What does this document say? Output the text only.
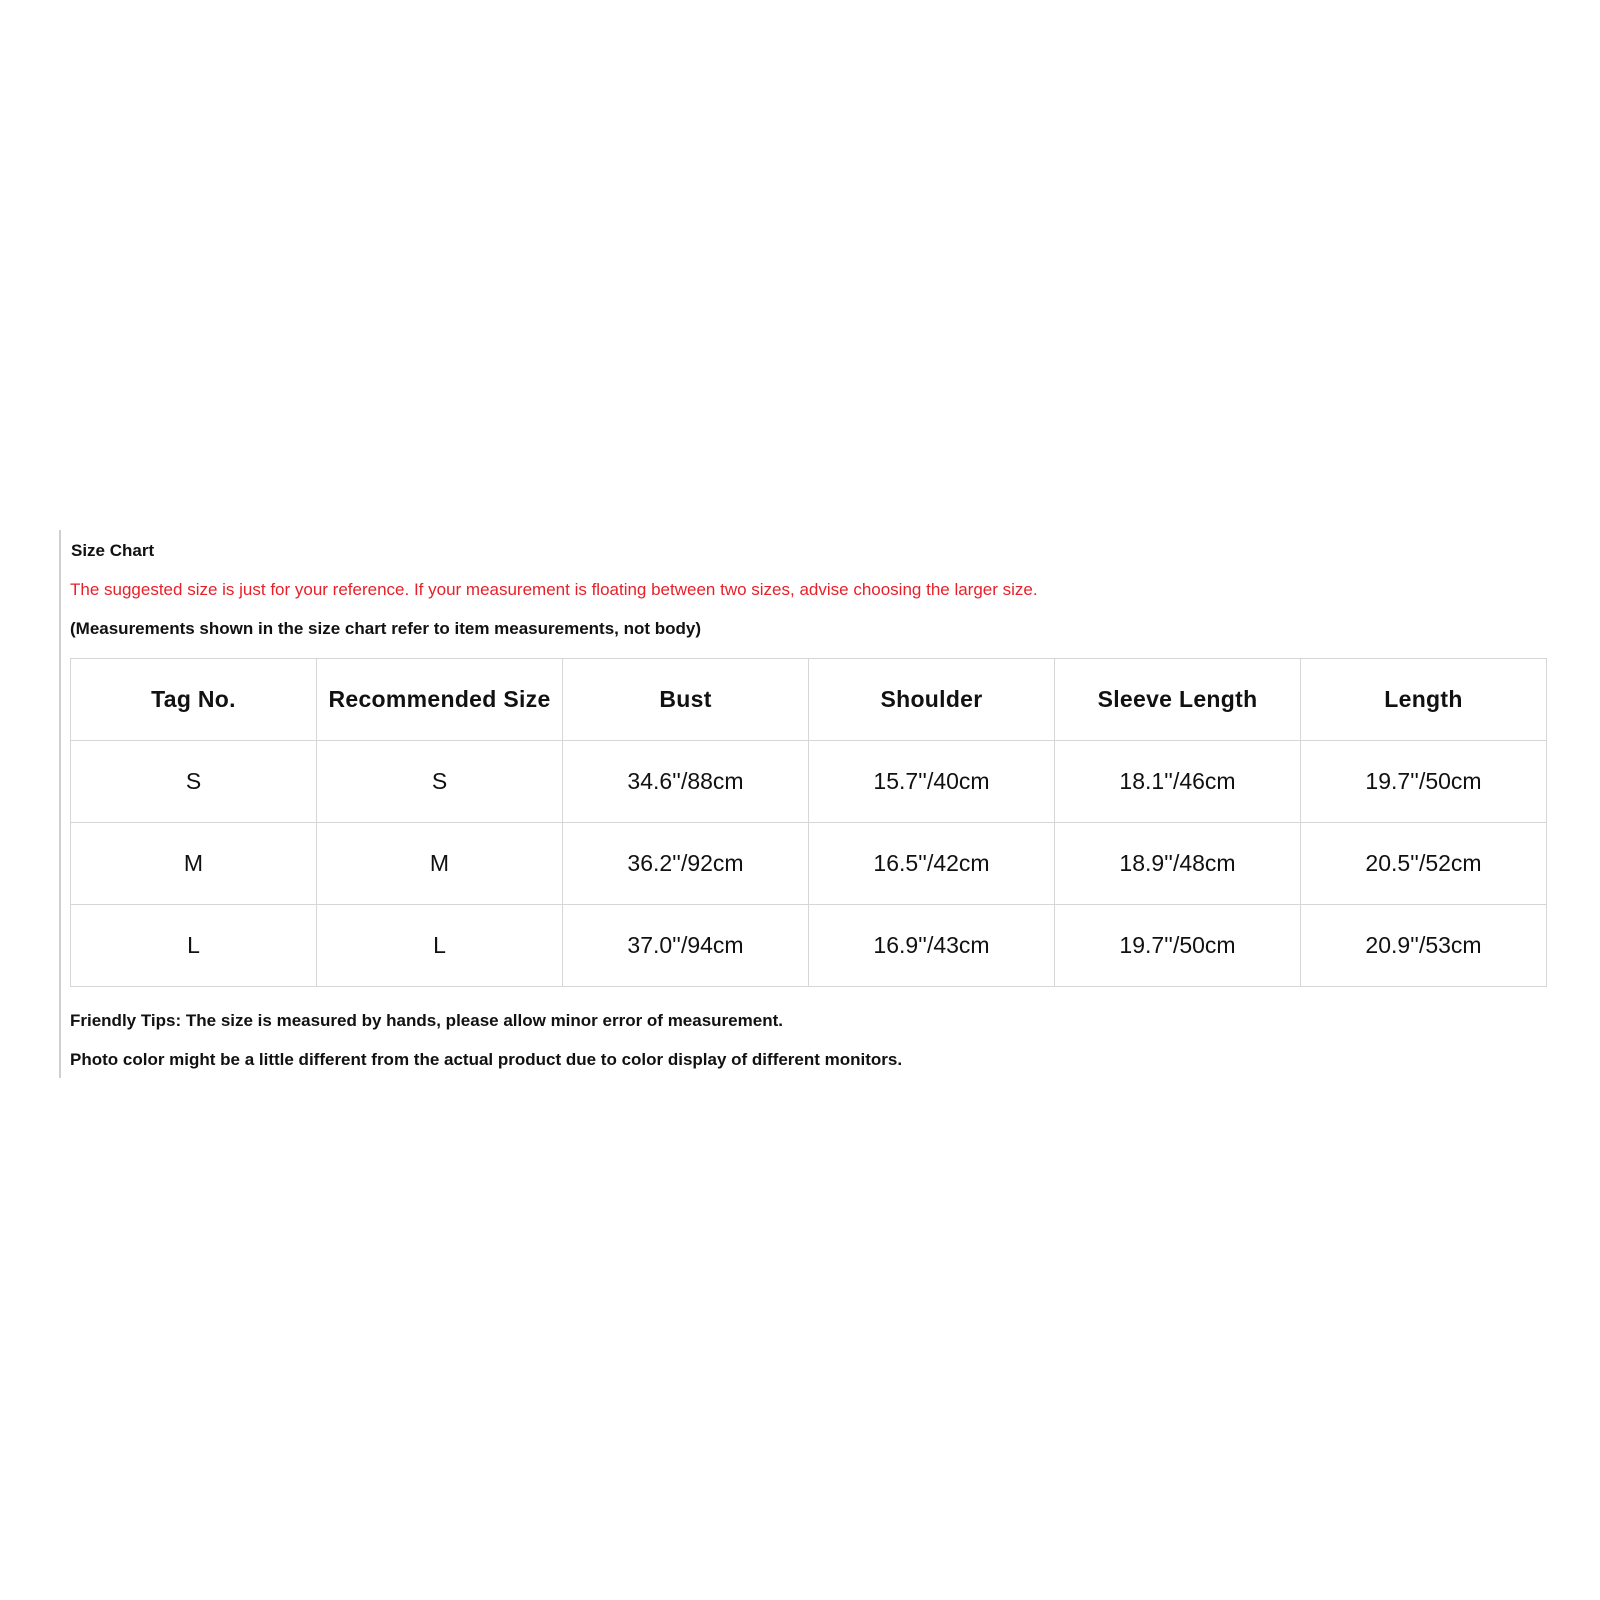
Size Chart

The suggested size is just for your reference. If your measurement is floating between two sizes, advise choosing the larger size.

(Measurements shown in the size chart refer to item measurements, not body)

Tag No.	Recommended Size	Bust	Shoulder	Sleeve Length	Length
S	S	34.6''/88cm	15.7''/40cm	18.1''/46cm	19.7''/50cm
M	M	36.2''/92cm	16.5''/42cm	18.9''/48cm	20.5''/52cm
L	L	37.0''/94cm	16.9''/43cm	19.7''/50cm	20.9''/53cm

Friendly Tips: The size is measured by hands, please allow minor error of measurement.

Photo color might be a little different from the actual product due to color display of different monitors.
